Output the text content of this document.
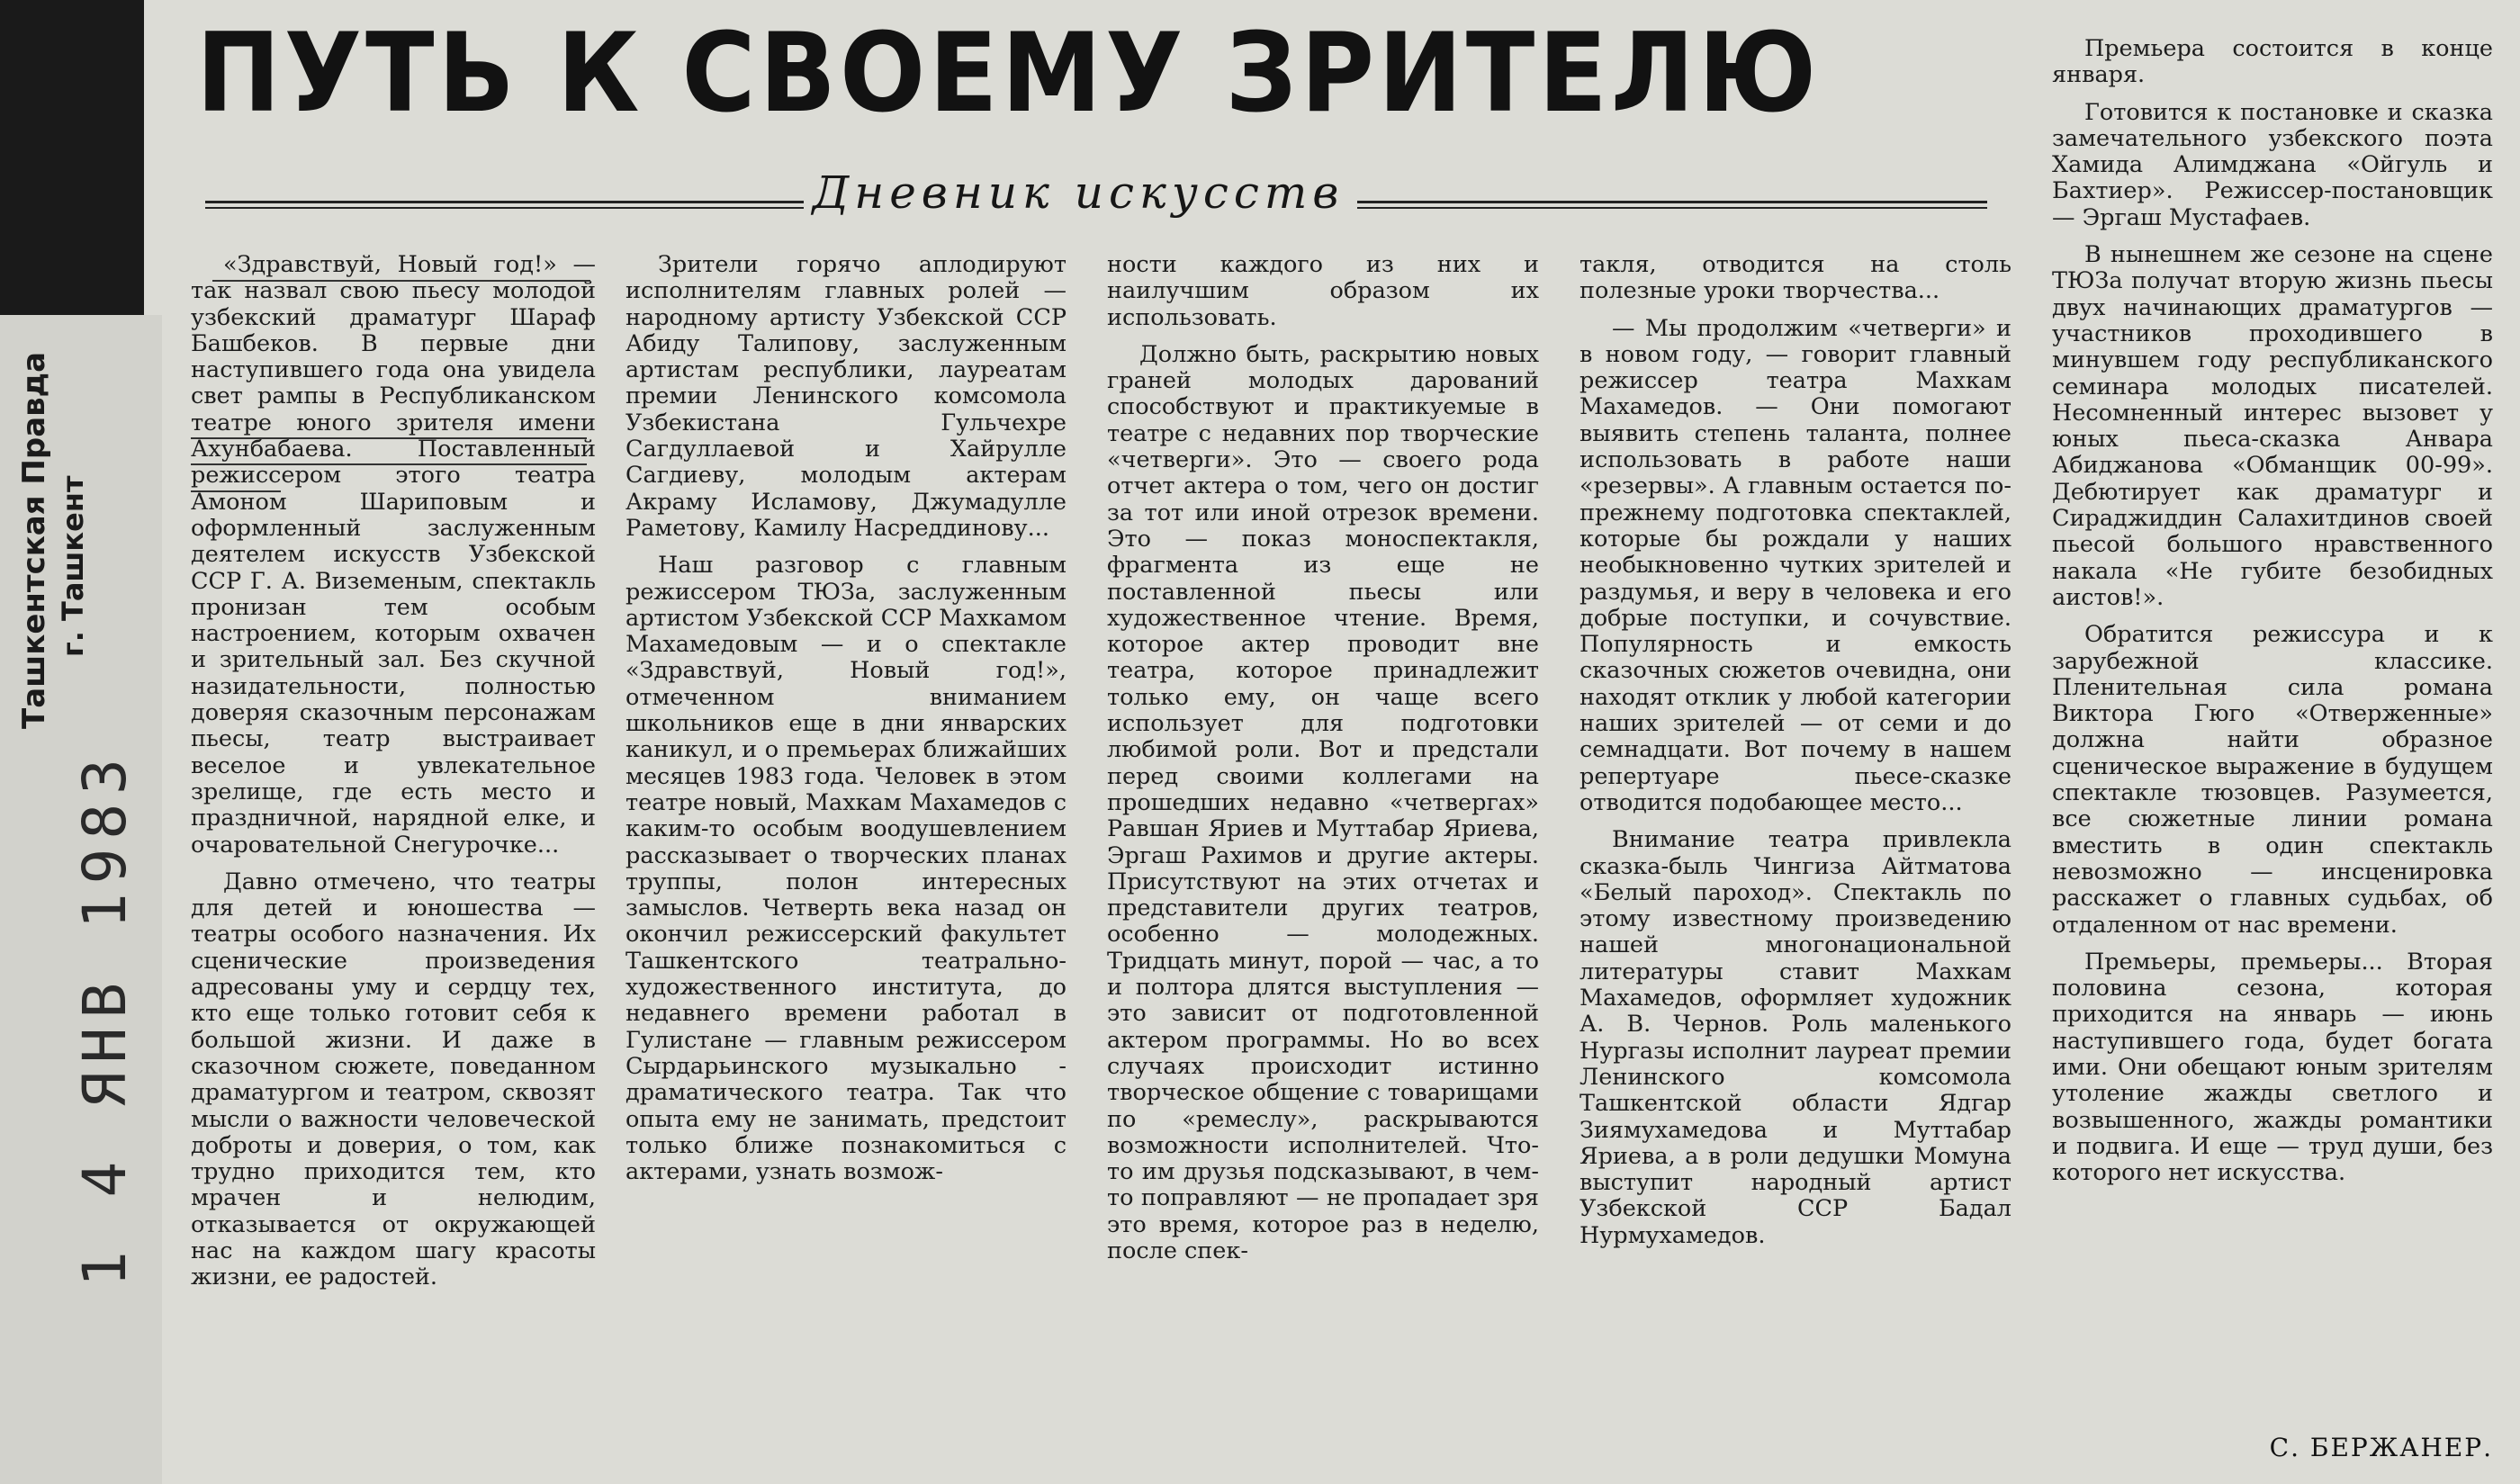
Ташкентская Правда г. Ташкент
1 4 ЯНВ 1983
ПУТЬ К СВОЕМУ ЗРИТЕЛЮ
Дневник искусств

«Здравствуй, Новый год!» — так назвал свою пьесу молодой узбекский драматург Шараф Башбеков. В первые дни наступившего года она увидела свет рампы в Республиканском театре юного зрителя имени Ахунбабаева. Поставленный режиссером этого театра Амоном Шариповым и оформленный заслуженным деятелем искусств Узбекской ССР Г. А. Виземеным, спектакль пронизан тем особым настроением, которым охвачен и зрительный зал. Без скучной назидательности, полностью доверяя сказочным персонажам пьесы, театр выстраивает веселое и увлекательное зрелище, где есть место и праздничной, нарядной елке, и очаровательной Снегурочке...

Давно отмечено, что театры для детей и юношества — театры особого назначения. Их сценические произведения адресованы уму и сердцу тех, кто еще только готовит себя к большой жизни. И даже в сказочном сюжете, поведанном драматургом и театром, сквозят мысли о важности человеческой доброты и доверия, о том, как трудно приходится тем, кто мрачен и нелюдим, отказывается от окружающей нас на каждом шагу красоты жизни, ее радостей.

Зрители горячо аплодируют исполнителям главных ролей — народному артисту Узбекской ССР Абиду Талипову, заслуженным артистам республики, лауреатам премии Ленинского комсомола Узбекистана Гульчехре Сагдуллаевой и Хайрулле Сагдиеву, молодым актерам Акраму Исламову, Джумадулле Раметову, Камилу Насреддинову...

Наш разговор с главным режиссером ТЮЗа, заслуженным артистом Узбекской ССР Махкамом Махамедовым — и о спектакле «Здравствуй, Новый год!», отмеченном вниманием школьников еще в дни январских каникул, и о премьерах ближайших месяцев 1983 года. Человек в этом театре новый, Махкам Махамедов с каким-то особым воодушевлением рассказывает о творческих планах труппы, полон интересных замыслов. Четверть века назад он окончил режиссерский факультет Ташкентского театрально-художественного института, до недавнего времени работал в Гулистане — главным режиссером Сырдарьинского музыкально - драматического театра. Так что опыта ему не занимать, предстоит только ближе познакомиться с актерами, узнать возмож-

ности каждого из них и наилучшим образом их использовать.

Должно быть, раскрытию новых граней молодых дарований способствуют и практикуемые в театре с недавних пор творческие «четверги». Это — своего рода отчет актера о том, чего он достиг за тот или иной отрезок времени. Это — показ моноспектакля, фрагмента из еще не поставленной пьесы или художественное чтение. Время, которое актер проводит вне театра, которое принадлежит только ему, он чаще всего использует для подготовки любимой роли. Вот и предстали перед своими коллегами на прошедших недавно «четвергах» Равшан Яриев и Муттабар Яриева, Эргаш Рахимов и другие актеры. Присутствуют на этих отчетах и представители других театров, особенно — молодежных. Тридцать минут, порой — час, а то и полтора длятся выступления — это зависит от подготовленной актером программы. Но во всех случаях происходит истинно творческое общение с товарищами по «ремеслу», раскрываются возможности исполнителей. Что-то им друзья подсказывают, в чем-то поправляют — не пропадает зря это время, которое раз в неделю, после спек-

такля, отводится на столь полезные уроки творчества...

— Мы продолжим «четверги» и в новом году, — говорит главный режиссер театра Махкам Махамедов. — Они помогают выявить степень таланта, полнее использовать в работе наши «резервы». А главным остается по-прежнему подготовка спектаклей, которые бы рождали у наших необыкновенно чутких зрителей и раздумья, и веру в человека и его добрые поступки, и сочувствие. Популярность и емкость сказочных сюжетов очевидна, они находят отклик у любой категории наших зрителей — от семи и до семнадцати. Вот почему в нашем репертуаре пьесе-сказке отводится подобающее место...

Внимание театра привлекла сказка-быль Чингиза Айтматова «Белый пароход». Спектакль по этому известному произведению нашей многонациональной литературы ставит Махкам Махамедов, оформляет художник А. В. Чернов. Роль маленького Нургазы исполнит лауреат премии Ленинского комсомола Ташкентской области Ядгар Зиямухамедова и Муттабар Яриева, а в роли дедушки Момуна выступит народный артист Узбекской ССР Бадал Нурмухамедов.

Премьера состоится в конце января.

Готовится к постановке и сказка замечательного узбекского поэта Хамида Алимджана «Ойгуль и Бахтиер». Режиссер-постановщик — Эргаш Мустафаев.

В нынешнем же сезоне на сцене ТЮЗа получат вторую жизнь пьесы двух начинающих драматургов — участников проходившего в минувшем году республиканского семинара молодых писателей. Несомненный интерес вызовет у юных пьеса-сказка Анвара Абиджанова «Обманщик 00-99». Дебютирует как драматург и Сираджиддин Салахитдинов своей пьесой большого нравственного накала «Не губите безобидных аистов!».

Обратится режиссура и к зарубежной классике. Пленительная сила романа Виктора Гюго «Отверженные» должна найти образное сценическое выражение в будущем спектакле тюзовцев. Разумеется, все сюжетные линии романа вместить в один спектакль невозможно — инсценировка расскажет о главных судьбах, об отдаленном от нас времени.

Премьеры, премьеры... Вторая половина сезона, которая приходится на январь — июнь наступившего года, будет богата ими. Они обещают юным зрителям утоление жажды светлого и возвышенного, жажды романтики и подвига. И еще — труд души, без которого нет искусства.

С. БЕРЖАНЕР.
